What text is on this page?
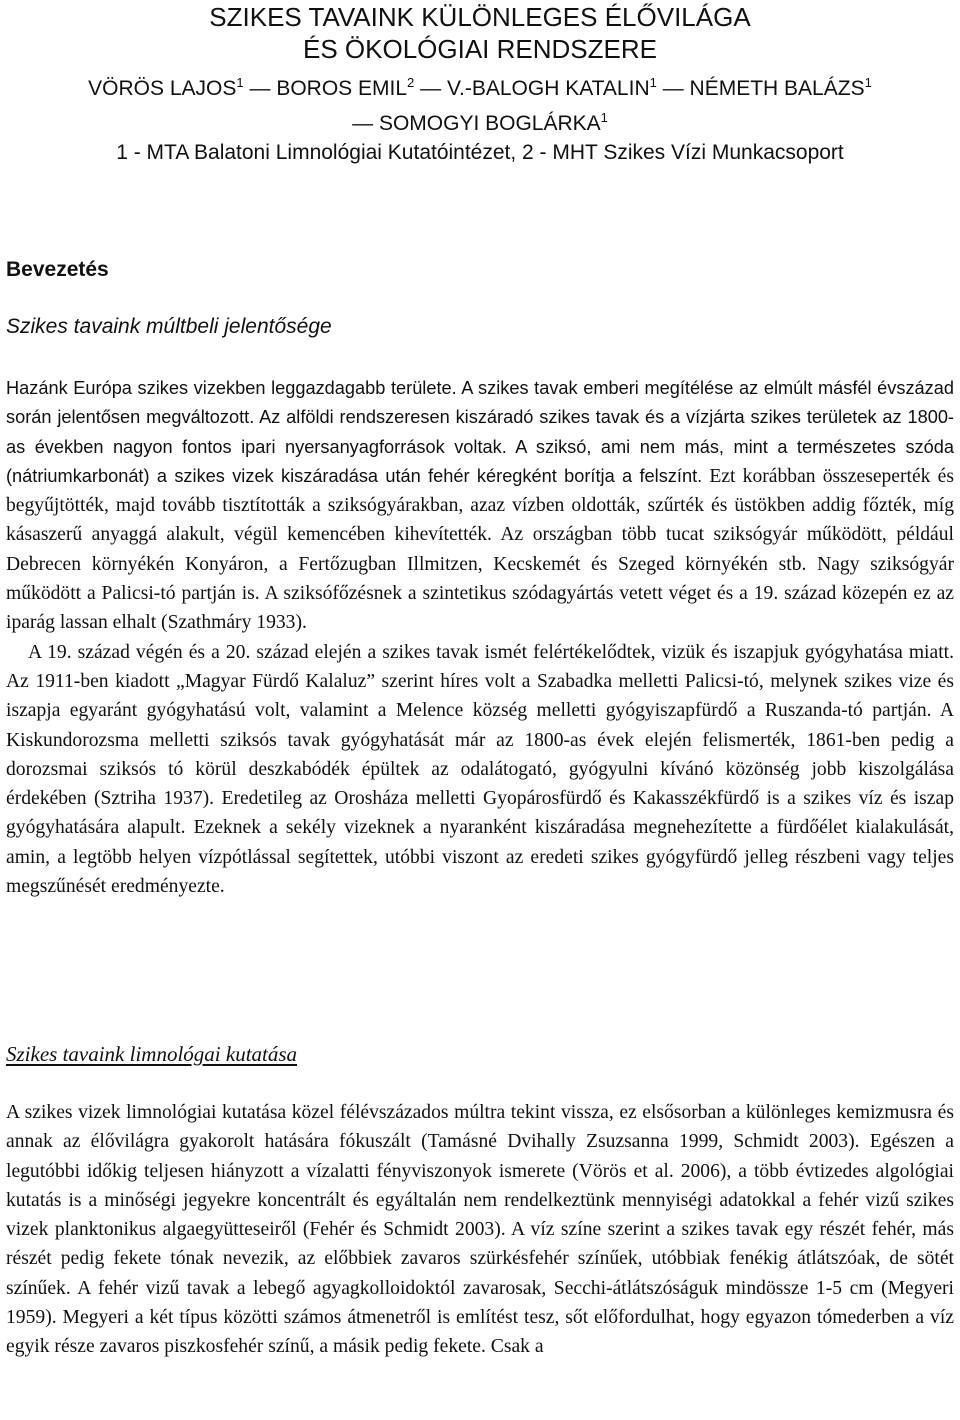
SZIKES TAVAINK KÜLÖNLEGES ÉLŐVILÁGA
ÉS ÖKOLÓGIAI RENDSZERE

VÖRÖS LAJOS$^1$ — BOROS EMIL$^2$ — V.-BALOGH KATALIN$^1$ — NÉMETH BALÁZS$^1$
— SOMOGYI BOGLÁRKA$^1$

1 - MTA Balatoni Limnológiai Kutatóintézet, 2 - MHT Szikes Vízi Munkacsoport

Bevezetés

Szikes tavaink múltbeli jelentősége

Hazánk Európa szikes vizekben leggazdagabb területe. A szikes tavak emberi megítélése az elmúlt másfél évszázad során jelentősen megváltozott. Az alföldi rendszeresen kiszáradó szikes tavak és a vízjárta szikes területek az 1800-as években nagyon fontos ipari nyersanyagforrások voltak. A sziksó, ami nem más, mint a természetes szóda (nátriumkarbonát) a szikes vizek kiszáradása után fehér kéregként borítja a felszínt. Ezt korábban összeseperték és begyűjtötték, majd tovább tisztították a sziksógyárakban, azaz vízben oldották, szűrték és üstökben addig főzték, míg kásaszerű anyaggá alakult, végül kemencében kihevítették. Az országban több tucat sziksógyár működött, például Debrecen környékén Konyáron, a Fertőzugban Illmitzen, Kecskemét és Szeged környékén stb. Nagy sziksógyár működött a Palicsi-tó partján is. A sziksófőzésnek a szintetikus szódagyártás vetett véget és a 19. század közepén ez az iparág lassan elhalt (Szathmáry 1933).

A 19. század végén és a 20. század elején a szikes tavak ismét felértékelődtek, vizük és iszapjuk gyógyhatása miatt. Az 1911-ben kiadott „Magyar Fürdő Kalaluz” szerint híres volt a Szabadka melletti Palicsi-tó, melynek szikes vize és iszapja egyaránt gyógyhatású volt, valamint a Melence község melletti gyógyiszapfürdő a Ruszanda-tó partján. A Kiskundorozsma melletti sziksós tavak gyógyhatását már az 1800-as évek elején felismerték, 1861-ben pedig a dorozsmai sziksós tó körül deszkabódék épültek az odalátogató, gyógyulni kívánó közönség jobb kiszolgálása érdekében (Sztriha 1937). Eredetileg az Orosháza melletti Gyopárosfürdő és Kakasszékfürdő is a szikes víz és iszap gyógyhatására alapult. Ezeknek a sekély vizeknek a nyaranként kiszáradása megnehezítette a fürdőélet kialakulását, amin, a legtöbb helyen vízpótlással segítettek, utóbbi viszont az eredeti szikes gyógyfürdő jelleg részbeni vagy teljes megszűnését eredményezte.

Szikes tavaink limnológai kutatása

A szikes vizek limnológiai kutatása közel félévszázados múltra tekint vissza, ez elsősorban a különleges kemizmusra és annak az élővilágra gyakorolt hatására fókuszált (Tamásné Dvihally Zsuzsanna 1999, Schmidt 2003). Egészen a legutóbbi időkig teljesen hiányzott a vízalatti fényviszonyok ismerete (Vörös et al. 2006), a több évtizedes algológiai kutatás is a minőségi jegyekre koncentrált és egyáltalán nem rendelkeztünk mennyiségi adatokkal a fehér vizű szikes vizek planktonikus algaegyütteseiről (Fehér és Schmidt 2003). A víz színe szerint a szikes tavak egy részét fehér, más részét pedig fekete tónak nevezik, az előbbiek zavaros szürkésfehér színűek, utóbbiak fenékig átlátszóak, de sötét színűek. A fehér vizű tavak a lebegő agyagkolloidoktól zavarosak, Secchi-átlátszóságuk mindössze 1-5 cm (Megyeri 1959). Megyeri a két típus közötti számos átmenetről is említést tesz, sőt előfordulhat, hogy egyazon tómederben a víz egyik része zavaros piszkosfehér színű, a másik pedig fekete. Csak a
